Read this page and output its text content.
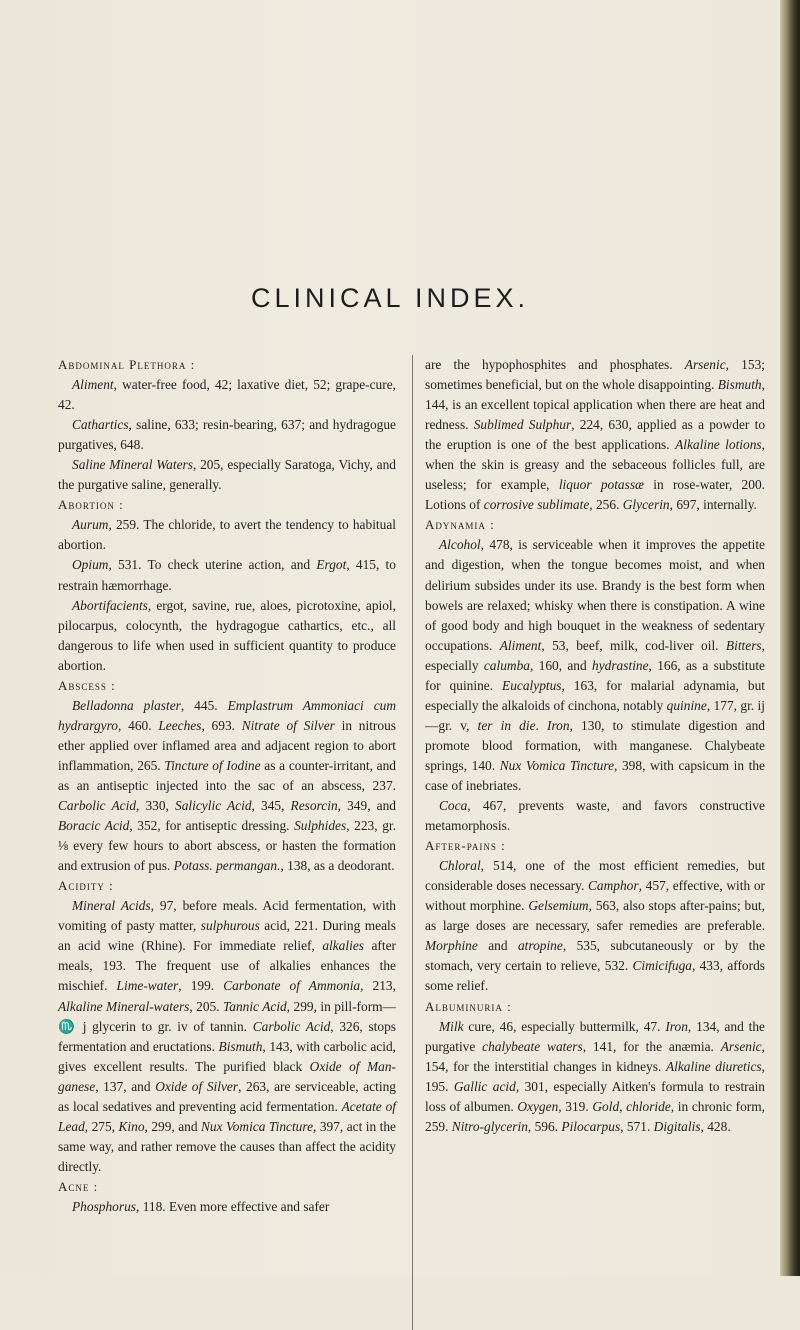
CLINICAL INDEX.

Abdominal Plethora :

Aliment, water-free food, 42; laxative diet, 52; grape-cure, 42.

Cathartics, saline, 633; resin-bearing, 637; and hydragogue purgatives, 648.

Saline Mineral Waters, 205, especially Saratoga, Vichy, and the purgative saline, generally.

Abortion :

Aurum, 259. The chloride, to avert the tendency to habitual abortion.

Opium, 531. To check uterine action, and Ergot, 415, to restrain hæmorrhage.

Abortifacients, ergot, savine, rue, aloes, picrotoxine, apiol, pilocarpus, colocynth, the hydragogue cathartics, etc., all dangerous to life when used in sufficient quantity to produce abortion.

Abscess :

Belladonna plaster, 445. Emplastrum Ammoniaci cum hydrargyro, 460. Leeches, 693. Nitrate of Silver in nitrous ether applied over inflamed area and adjacent region to abort inflammation, 265. Tincture of Iodine as a counter-irritant, and as an antiseptic injected into the sac of an abscess, 237. Carbolic Acid, 330, Salicylic Acid, 345, Resorcin, 349, and Boracic Acid, 352, for antiseptic dressing. Sulphides, 223, gr. ⅛ every few hours to abort abscess, or hasten the formation and extrusion of pus. Potass. permangan., 138, as a deodorant.

Acidity :

Mineral Acids, 97, before meals. Acid fermentation, with vomiting of pasty matter, sulphurous acid, 221. During meals an acid wine (Rhine). For immediate relief, alkalies after meals, 193. The frequent use of alkalies enhances the mischief. Lime-water, 199. Carbonate of Ammonia, 213, Alkaline Mineral-waters, 205. Tannic Acid, 299, in pill-form— ♏ j glycerin to gr. iv of tannin. Carbolic Acid, 326, stops fermentation and eructations. Bismuth, 143, with carbolic acid, gives excellent results. The purified black Oxide of Manganese, 137, and Oxide of Silver, 263, are serviceable, acting as local sedatives and preventing acid fermentation. Acetate of Lead, 275, Kino, 299, and Nux Vomica Tincture, 397, act in the same way, and rather remove the causes than affect the acidity directly.

Acne :

Phosphorus, 118. Even more effective and safer

are the hypophosphites and phosphates. Arsenic, 153; sometimes beneficial, but on the whole disappointing. Bismuth, 144, is an excellent topical application when there are heat and redness. Sublimed Sulphur, 224, 630, applied as a powder to the eruption is one of the best applications. Alkaline lotions, when the skin is greasy and the sebaceous follicles full, are useless; for example, liquor potassæ in rose-water, 200. Lotions of corrosive sublimate, 256. Glycerin, 697, internally.

Adynamia :

Alcohol, 478, is serviceable when it improves the appetite and digestion, when the tongue becomes moist, and when delirium subsides under its use. Brandy is the best form when bowels are relaxed; whisky when there is constipation. A wine of good body and high bouquet in the weakness of sedentary occupations. Aliment, 53, beef, milk, cod-liver oil. Bitters, especially calumba, 160, and hydrastine, 166, as a substitute for quinine. Eucalyptus, 163, for malarial adynamia, but especially the alkaloids of cinchona, notably quinine, 177, gr. ij—gr. v, ter in die. Iron, 130, to stimulate digestion and promote blood formation, with manganese. Chalybeate springs, 140. Nux Vomica Tincture, 398, with capsicum in the case of inebriates.

Coca, 467, prevents waste, and favors constructive metamorphosis.

After-pains :

Chloral, 514, one of the most efficient remedies, but considerable doses necessary. Camphor, 457, effective, with or without morphine. Gelsemium, 563, also stops after-pains; but, as large doses are necessary, safer remedies are preferable. Morphine and atropine, 535, subcutaneously or by the stomach, very certain to relieve, 532. Cimicifuga, 433, affords some relief.

Albuminuria :

Milk cure, 46, especially buttermilk, 47. Iron, 134, and the purgative chalybeate waters, 141, for the anæmia. Arsenic, 154, for the interstitial changes in kidneys. Alkaline diuretics, 195. Gallic acid, 301, especially Aitken's formula to restrain loss of albumen. Oxygen, 319. Gold, chloride, in chronic form, 259. Nitro-glycerin, 596. Pilocarpus, 571. Digitalis, 428.
